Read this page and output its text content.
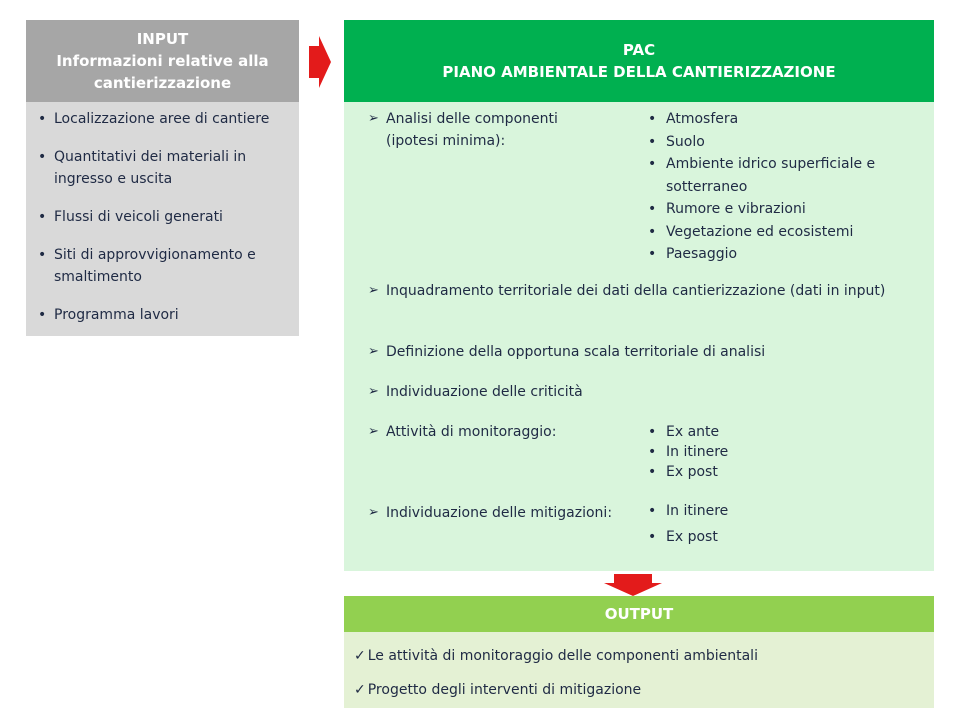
INPUT
Informazioni relative alla cantierizzazione
• Localizzazione aree di cantiere
• Quantitativi dei materiali in ingresso e uscita
• Flussi di veicoli generati
• Siti di approvvigionamento e smaltimento
• Programma lavori
PAC
PIANO AMBIENTALE DELLA CANTIERIZZAZIONE
➢ Analisi delle componenti (ipotesi minima):
• Atmosfera
• Suolo
• Ambiente idrico superficiale e sotterraneo
• Rumore e vibrazioni
• Vegetazione ed ecosistemi
• Paesaggio
➢ Inquadramento territoriale dei dati della cantierizzazione (dati in input)
➢ Definizione della opportuna scala territoriale di analisi
➢ Individuazione delle criticità
➢ Attività di monitoraggio:	• Ex ante
• In itinere
• Ex post
➢ Individuazione delle mitigazioni:	• In itinere
• Ex post
OUTPUT
✓ Le attività di monitoraggio delle componenti ambientali
✓ Progetto degli interventi di mitigazione
